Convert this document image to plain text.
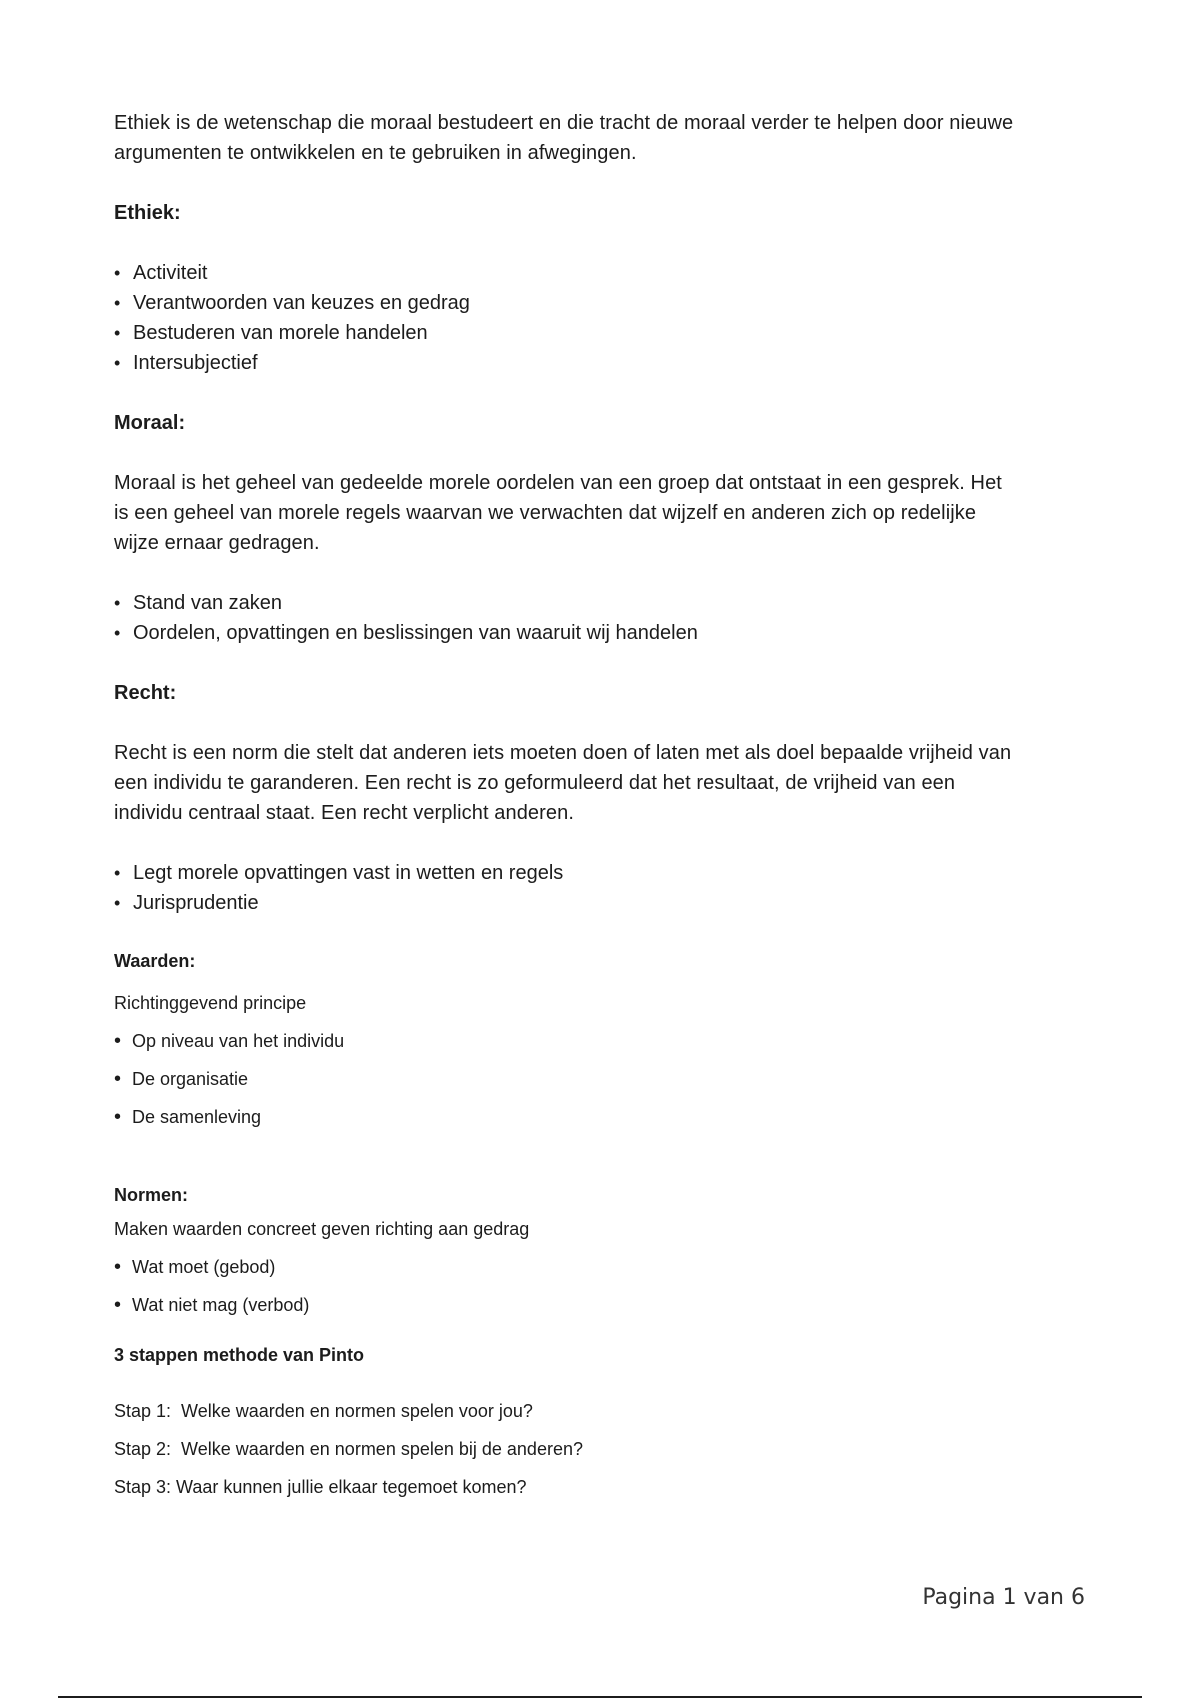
Ethiek is de wetenschap die moraal bestudeert en die tracht de moraal verder te helpen door nieuwe argumenten te ontwikkelen en te gebruiken in afwegingen.

Ethiek:

• Activiteit
• Verantwoorden van keuzes en gedrag
• Bestuderen van morele handelen
• Intersubjectief

Moraal:

Moraal is het geheel van gedeelde morele oordelen van een groep dat ontstaat in een gesprek. Het is een geheel van morele regels waarvan we verwachten dat wijzelf en anderen zich op redelijke wijze ernaar gedragen.

• Stand van zaken
• Oordelen, opvattingen en beslissingen van waaruit wij handelen

Recht:

Recht is een norm die stelt dat anderen iets moeten doen of laten met als doel bepaalde vrijheid van een individu te garanderen. Een recht is zo geformuleerd dat het resultaat, de vrijheid van een individu centraal staat. Een recht verplicht anderen.

• Legt morele opvattingen vast in wetten en regels
• Jurisprudentie

Waarden:

Richtinggevend principe

• Op niveau van het individu
• De organisatie
• De samenleving

Normen:

Maken waarden concreet geven richting aan gedrag

• Wat moet (gebod)
• Wat niet mag (verbod)

3 stappen methode van Pinto

Stap 1:  Welke waarden en normen spelen voor jou?
Stap 2:  Welke waarden en normen spelen bij de anderen?
Stap 3: Waar kunnen jullie elkaar tegemoet komen?
Pagina 1 van 6
